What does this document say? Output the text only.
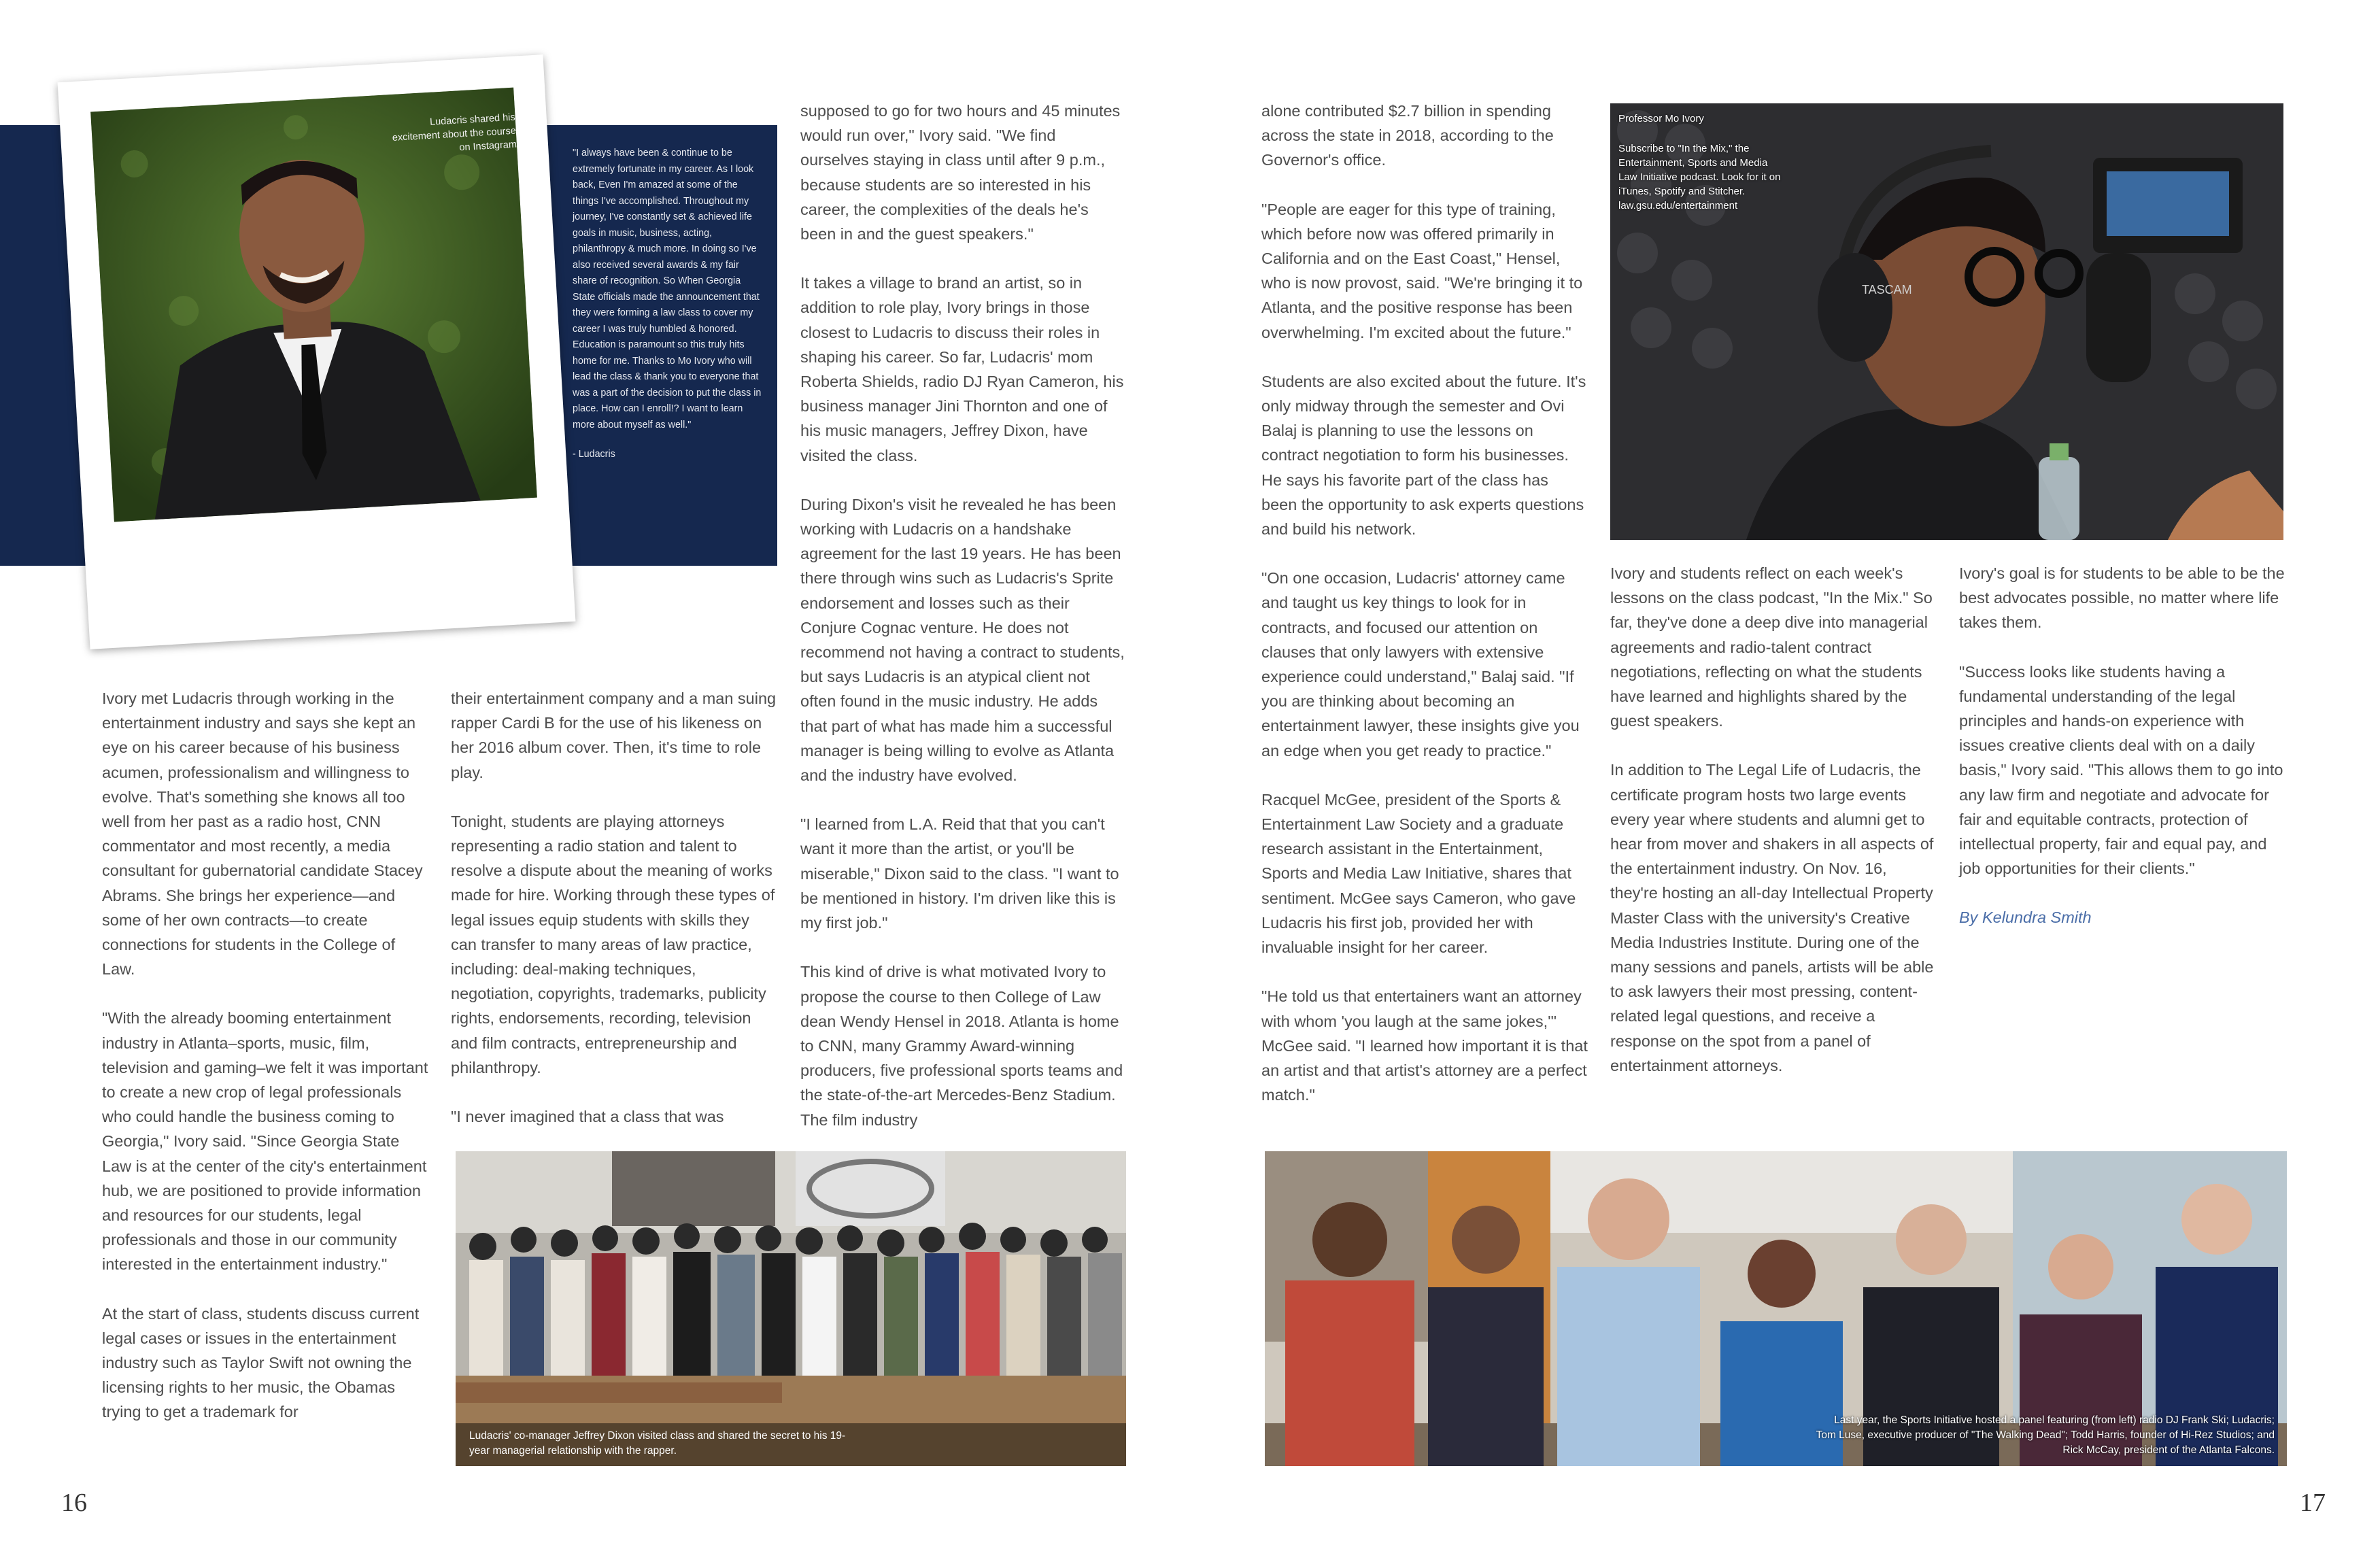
Ludacris shared his excitement about the course on Instagram	"I always have been & continue to be extremely fortunate in my career. As I look back, Even I'm amazed at some of the things I've accomplished. Throughout my journey, I've constantly set & achieved life goals in music, business, acting, philanthropy & much more. In doing so I've also received several awards & my fair share of recognition. So When Georgia State officials made the announcement that they were forming a law class to cover my career I was truly humbled & honored. Education is paramount so this truly hits home for me. Thanks to Mo Ivory who will lead the class & thank you to everyone that was a part of the decision to put the class in place. How can I enroll!? I want to learn more about myself as well."
- Ludacris

Ivory met Ludacris through working in the entertainment industry and says she kept an eye on his career because of his business acumen, professionalism and willingness to evolve. That's something she knows all too well from her past as a radio host, CNN commentator and most recently, a media consultant for gubernatorial candidate Stacey Abrams. She brings her experience—and some of her own contracts—to create connections for students in the College of Law.

"With the already booming entertainment industry in Atlanta–sports, music, film, television and gaming–we felt it was important to create a new crop of legal professionals who could handle the business coming to Georgia," Ivory said. "Since Georgia State Law is at the center of the city's entertainment hub, we are positioned to provide information and resources for our students, legal professionals and those in our community interested in the entertainment industry."

At the start of class, students discuss current legal cases or issues in the entertainment industry such as Taylor Swift not owning the licensing rights to her music, the Obamas trying to get a trademark for

their entertainment company and a man suing rapper Cardi B for the use of his likeness on her 2016 album cover. Then, it's time to role play.

Tonight, students are playing attorneys representing a radio station and talent to resolve a dispute about the meaning of works made for hire. Working through these types of legal issues equip students with skills they can transfer to many areas of law practice, including: deal-making techniques, negotiation, copyrights, trademarks, publicity rights, endorsements, recording, television and film contracts, entrepreneurship and philanthropy.

"I never imagined that a class that was

supposed to go for two hours and 45 minutes would run over," Ivory said. "We find ourselves staying in class until after 9 p.m., because students are so interested in his career, the complexities of the deals he's been in and the guest speakers."

It takes a village to brand an artist, so in addition to role play, Ivory brings in those closest to Ludacris to discuss their roles in shaping his career. So far, Ludacris' mom Roberta Shields, radio DJ Ryan Cameron, his business manager Jini Thornton and one of his music managers, Jeffrey Dixon, have visited the class.

During Dixon's visit he revealed he has been working with Ludacris on a handshake agreement for the last 19 years. He has been there through wins such as Ludacris's Sprite endorsement and losses such as their Conjure Cognac venture. He does not recommend not having a contract to students, but says Ludacris is an atypical client not often found in the music industry. He adds that part of what has made him a successful manager is being willing to evolve as Atlanta and the industry have evolved.

"I learned from L.A. Reid that that you can't want it more than the artist, or you'll be miserable," Dixon said to the class. "I want to be mentioned in history. I'm driven like this is my first job."

This kind of drive is what motivated Ivory to propose the course to then College of Law dean Wendy Hensel in 2018. Atlanta is home to CNN, many Grammy Award-winning producers, five professional sports teams and the state-of-the-art Mercedes-Benz Stadium. The film industry

Ludacris' co-manager Jeffrey Dixon visited class and shared the secret to his 19-year managerial relationship with the rapper.
16

alone contributed $2.7 billion in spending across the state in 2018, according to the Governor's office.

"People are eager for this type of training, which before now was offered primarily in California and on the East Coast," Hensel, who is now provost, said. "We're bringing it to Atlanta, and the positive response has been overwhelming. I'm excited about the future."

Students are also excited about the future. It's only midway through the semester and Ovi Balaj is planning to use the lessons on contract negotiation to form his businesses. He says his favorite part of the class has been the opportunity to ask experts questions and build his network.

"On one occasion, Ludacris' attorney came and taught us key things to look for in contracts, and focused our attention on clauses that only lawyers with extensive experience could understand," Balaj said. "If you are thinking about becoming an entertainment lawyer, these insights give you an edge when you get ready to practice."

Racquel McGee, president of the Sports & Entertainment Law Society and a graduate research assistant in the Entertainment, Sports and Media Law Initiative, shares that sentiment. McGee says Cameron, who gave Ludacris his first job, provided her with invaluable insight for her career.

"He told us that entertainers want an attorney with whom 'you laugh at the same jokes,'" McGee said. "I learned how important it is that an artist and that artist's attorney are a perfect match."

TASCAM
Professor Mo Ivory
Subscribe to "In the Mix," the Entertainment, Sports and Media Law Initiative podcast. Look for it on iTunes, Spotify and Stitcher. law.gsu.edu/entertainment

Ivory and students reflect on each week's lessons on the class podcast, "In the Mix." So far, they've done a deep dive into managerial agreements and radio-talent contract negotiations, reflecting on what the students have learned and highlights shared by the guest speakers.

In addition to The Legal Life of Ludacris, the certificate program hosts two large events every year where students and alumni get to hear from mover and shakers in all aspects of the entertainment industry. On Nov. 16, they're hosting an all-day Intellectual Property Master Class with the university's Creative Media Industries Institute. During one of the many sessions and panels, artists will be able to ask lawyers their most pressing, content-related legal questions, and receive a response on the spot from a panel of entertainment attorneys.

Ivory's goal is for students to be able to be the best advocates possible, no matter where life takes them.

"Success looks like students having a fundamental understanding of the legal principles and hands-on experience with issues creative clients deal with on a daily basis," Ivory said. "This allows them to go into any law firm and negotiate and advocate for fair and equitable contracts, protection of intellectual property, fair and equal pay, and job opportunities for their clients."

By Kelundra Smith

Last year, the Sports Initiative hosted a panel featuring (from left) radio DJ Frank Ski; Ludacris; Tom Luse, executive producer of "The Walking Dead"; Todd Harris, founder of Hi-Rez Studios; and Rick McCay, president of the Atlanta Falcons.
17
